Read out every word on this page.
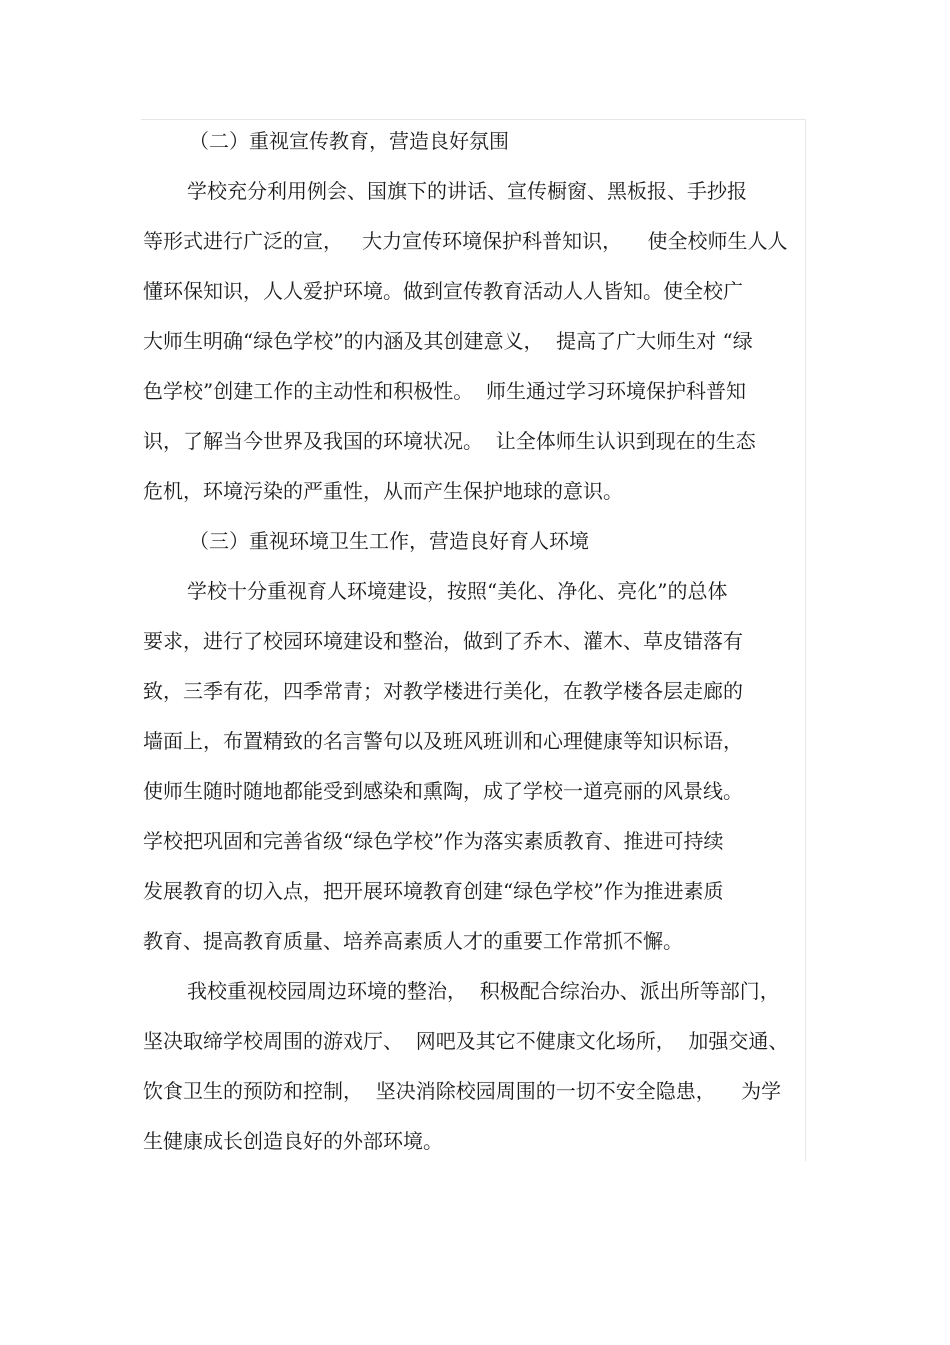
（二）重视宣传教育，营造良好氛围
学校充分利用例会、国旗下的讲话、宣传橱窗、黑板报、手抄报
等形式进行广泛的宣，   大力宣传环境保护科普知识，    使全校师生人人
懂环保知识，人人爱护环境。做到宣传教育活动人人皆知。使全校广
大师生明确“绿色学校”的内涵及其创建意义，  提高了广大师生对 “绿
色学校”创建工作的主动性和积极性。  师生通过学习环境保护科普知
识，了解当今世界及我国的环境状况。  让全体师生认识到现在的生态
危机，环境污染的严重性，从而产生保护地球的意识。
（三）重视环境卫生工作，营造良好育人环境
学校十分重视育人环境建设，按照“美化、净化、亮化”的总体
要求，进行了校园环境建设和整治，做到了乔木、灌木、草皮错落有
致，三季有花，四季常青；对教学楼进行美化，在教学楼各层走廊的
墙面上，布置精致的名言警句以及班风班训和心理健康等知识标语，
使师生随时随地都能受到感染和熏陶，成了学校一道亮丽的风景线。
学校把巩固和完善省级“绿色学校”作为落实素质教育、推进可持续
发展教育的切入点，把开展环境教育创建“绿色学校”作为推进素质
教育、提高教育质量、培养高素质人才的重要工作常抓不懈。
我校重视校园周边环境的整治，  积极配合综治办、派出所等部门，
坚决取缔学校周围的游戏厅、  网吧及其它不健康文化场所，  加强交通、
饮食卫生的预防和控制，  坚决消除校园周围的一切不安全隐患，    为学
生健康成长创造良好的外部环境。
